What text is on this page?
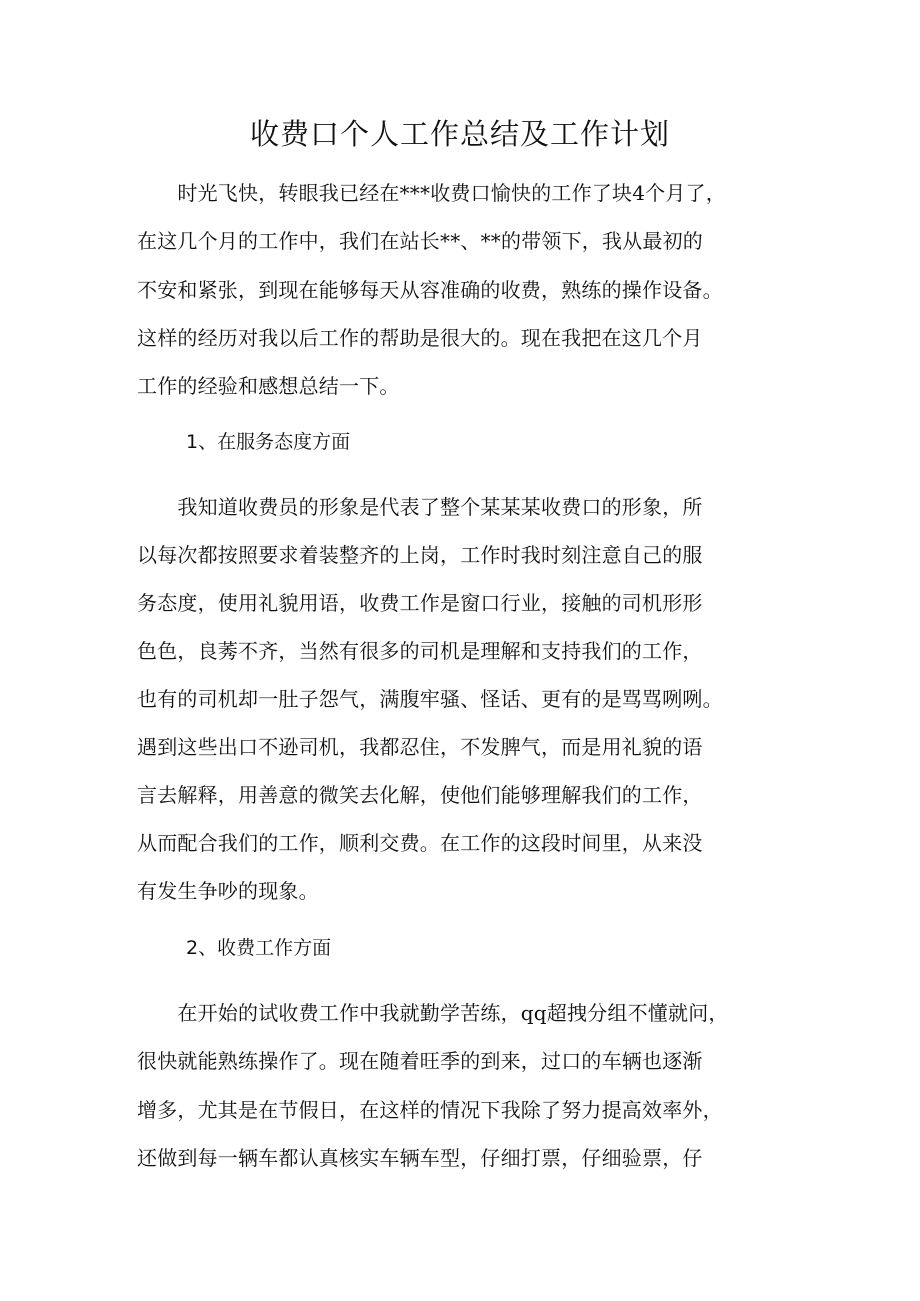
收费口个人工作总结及工作计划
　　时光飞快，转眼我已经在***收费口愉快的工作了块4个月了，
在这几个月的工作中，我们在站长**、**的带领下，我从最初的
不安和紧张，到现在能够每天从容准确的收费，熟练的操作设备。
这样的经历对我以后工作的帮助是很大的。现在我把在这几个月
工作的经验和感想总结一下。
1、在服务态度方面
　　我知道收费员的形象是代表了整个某某某收费口的形象，所
以每次都按照要求着装整齐的上岗，工作时我时刻注意自己的服
务态度，使用礼貌用语，收费工作是窗口行业，接触的司机形形
色色，良莠不齐，当然有很多的司机是理解和支持我们的工作，
也有的司机却一肚子怨气，满腹牢骚、怪话、更有的是骂骂咧咧。
遇到这些出口不逊司机，我都忍住，不发脾气，而是用礼貌的语
言去解释，用善意的微笑去化解，使他们能够理解我们的工作，
从而配合我们的工作，顺利交费。在工作的这段时间里，从来没
有发生争吵的现象。
2、收费工作方面
　　在开始的试收费工作中我就勤学苦练，qq超拽分组不懂就问，
很快就能熟练操作了。现在随着旺季的到来，过口的车辆也逐渐
增多，尤其是在节假日，在这样的情况下我除了努力提高效率外，
还做到每一辆车都认真核实车辆车型，仔细打票，仔细验票，仔
